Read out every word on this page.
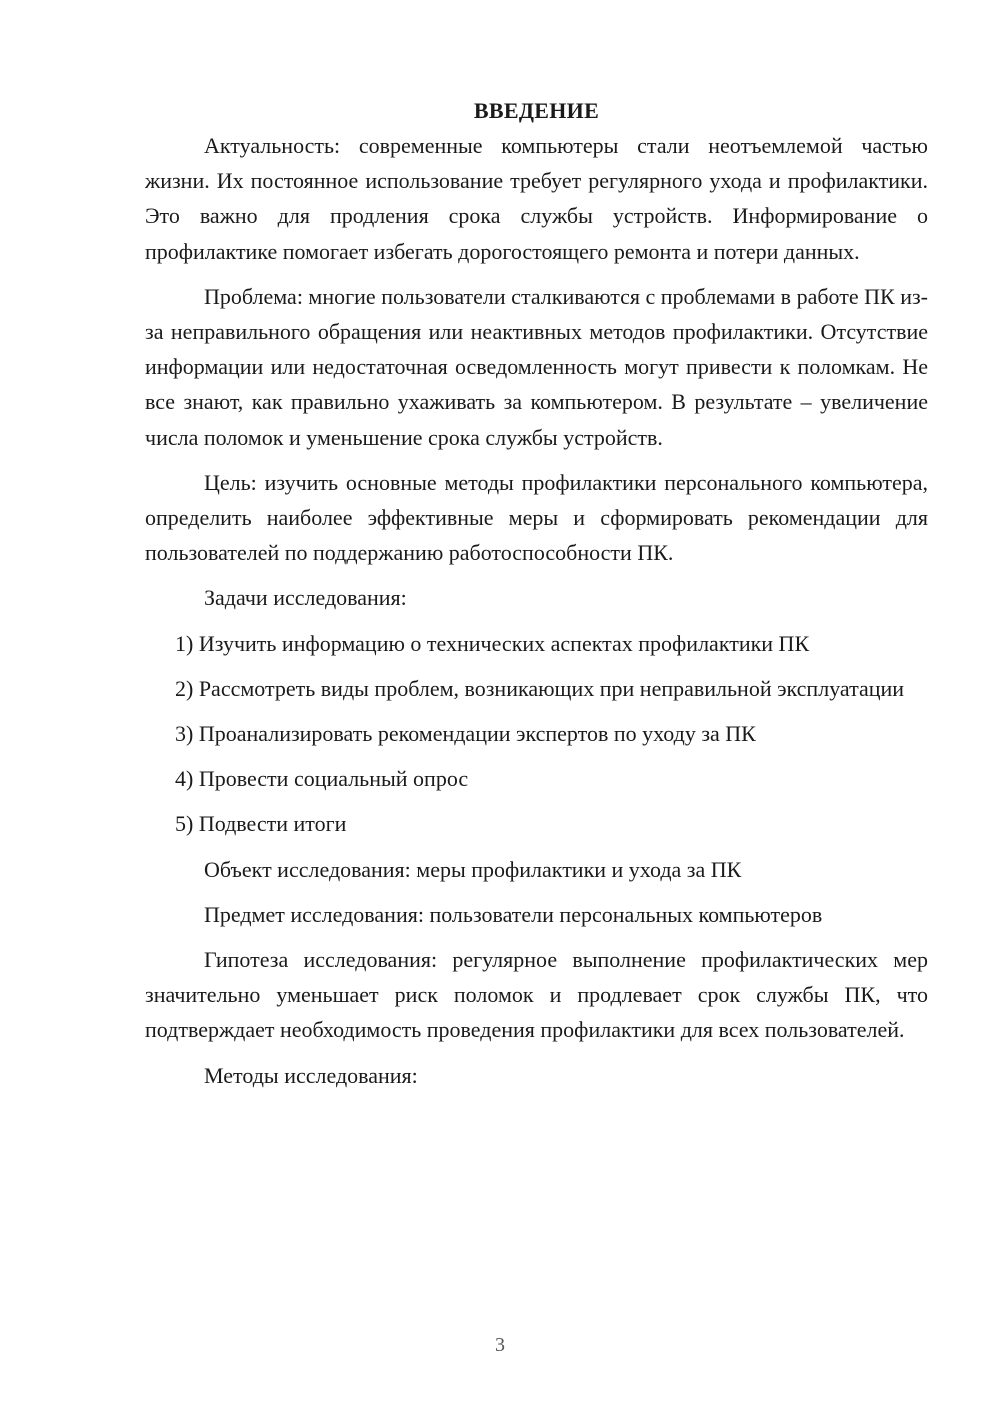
ВВЕДЕНИЕ

Актуальность: современные компьютеры стали неотъемлемой частью жизни. Их постоянное использование требует регулярного ухода и профилактики. Это важно для продления срока службы устройств. Информирование о профилактике помогает избегать дорогостоящего ремонта и потери данных.

Проблема: многие пользователи сталкиваются с проблемами в работе ПК из-за неправильного обращения или неактивных методов профилактики. Отсутствие информации или недостаточная осведомленность могут привести к поломкам. Не все знают, как правильно ухаживать за компьютером. В результате – увеличение числа поломок и уменьшение срока службы устройств.

Цель: изучить основные методы профилактики персонального компьютера, определить наиболее эффективные меры и сформировать рекомендации для пользователей по поддержанию работоспособности ПК.

Задачи исследования:

1) Изучить информацию о технических аспектах профилактики ПК

2) Рассмотреть виды проблем, возникающих при неправильной эксплуатации

3) Проанализировать рекомендации экспертов по уходу за ПК

4) Провести социальный опрос

5) Подвести итоги

Объект исследования: меры профилактики и ухода за ПК

Предмет исследования: пользователи персональных компьютеров

Гипотеза исследования: регулярное выполнение профилактических мер значительно уменьшает риск поломок и продлевает срок службы ПК, что подтверждает необходимость проведения профилактики для всех пользователей.

Методы исследования:

3
